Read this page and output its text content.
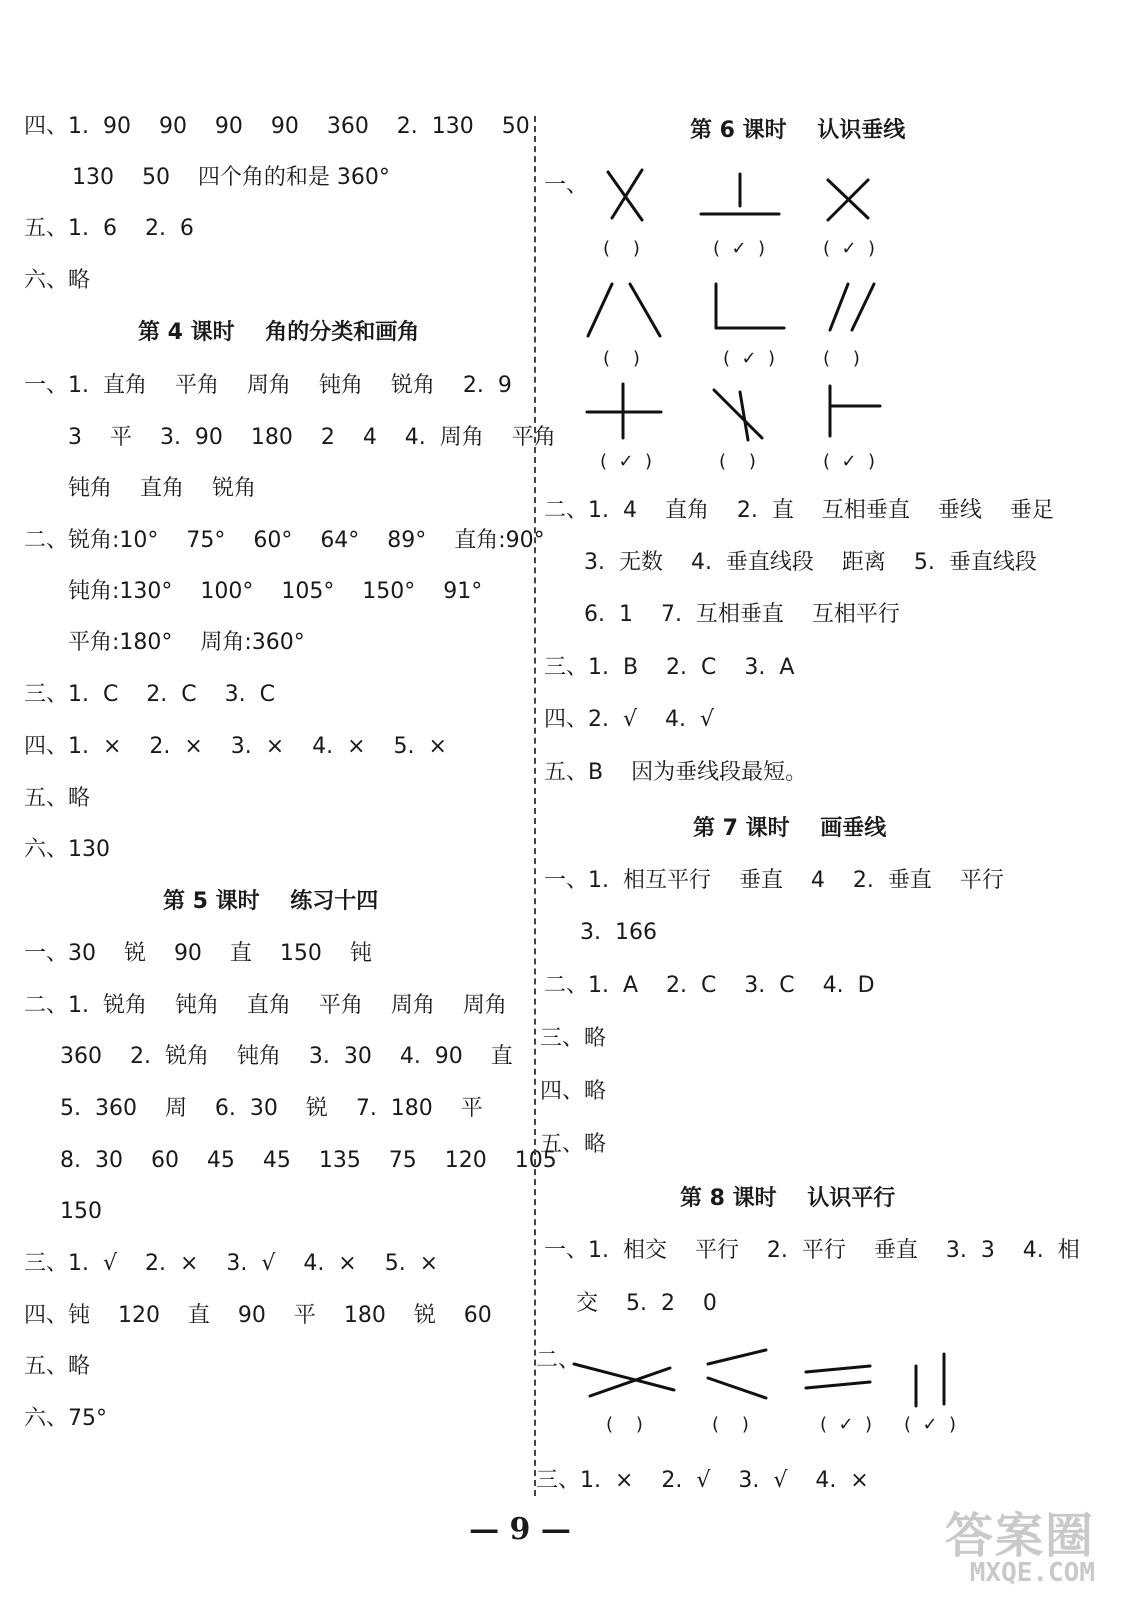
四、1.  90    90    90    90    360    2.  130    50
130    50    四个角的和是 360°
五、1.  6    2.  6
六、略
第 4 课时    角的分类和画角
一、1.  直角    平角    周角    钝角    锐角    2.  9
3    平    3.  90    180    2    4    4.  周角    平角
钝角    直角    锐角
二、锐角:10°    75°    60°    64°    89°    直角:90°
钝角:130°    100°    105°    150°    91°
平角:180°    周角:360°
三、1.  C    2.  C    3.  C
四、1.  ×    2.  ×    3.  ×    4.  ×    5.  ×
五、略
六、130
第 5 课时    练习十四
一、30    锐    90    直    150    钝
二、1.  锐角    钝角    直角    平角    周角    周角
360    2.  锐角    钝角    3.  30    4.  90    直
5.  360    周    6.  30    锐    7.  180    平
8.  30    60    45    45    135    75    120    105
150
三、1.  √    2.  ×    3.  √    4.  ×    5.  ×
四、钝    120    直    90    平    180    锐    60
五、略
六、75°
第 6 课时    认识垂线
一、
(    )	(  ✓  )	(  ✓  )
(    )	(  ✓  )	(    )
(  ✓  )	(    )	(  ✓  )
二、1.  4    直角    2.  直    互相垂直    垂线    垂足
3.  无数    4.  垂直线段    距离    5.  垂直线段
6.  1    7.  互相垂直    互相平行
三、1.  B    2.  C    3.  A
四、2.  √    4.  √
五、B    因为垂线段最短。
第 7 课时    画垂线
一、1.  相互平行    垂直    4    2.  垂直    平行
3.  166
二、1.  A    2.  C    3.  C    4.  D
三、略
四、略
五、略
第 8 课时    认识平行
一、1.  相交    平行    2.  平行    垂直    3.  3    4.  相
交    5.  2    0
二、
(    )	(    )	(  ✓  ) (  ✓  )
三、1.  ×    2.  √    3.  √    4.  ×
— 9 —	答案圈
MXQE.COM
